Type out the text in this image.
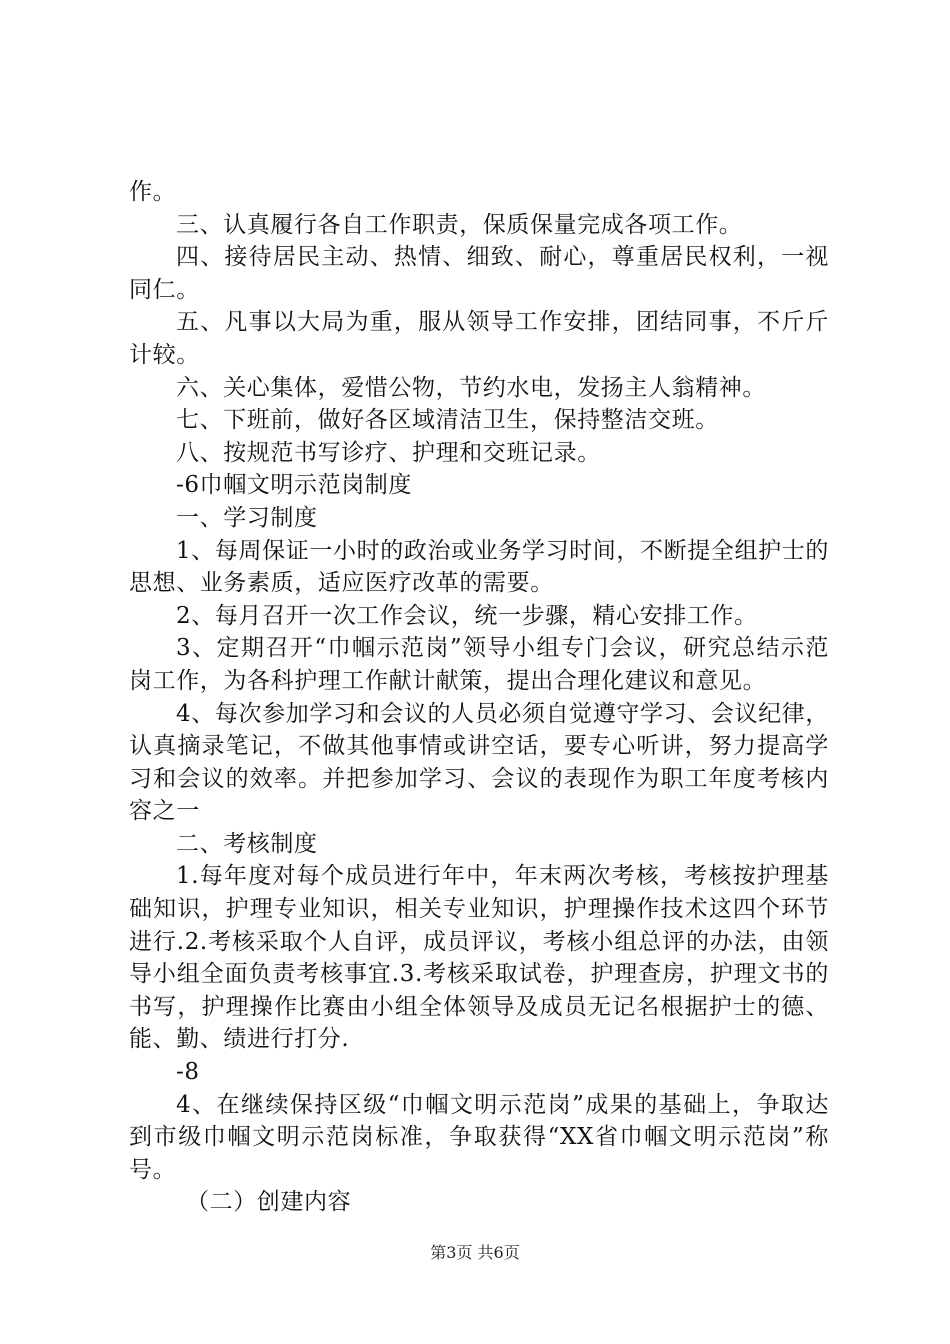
作。

三、认真履行各自工作职责，保质保量完成各项工作。

四、接待居民主动、热情、细致、耐心，尊重居民权利，一视同仁。

五、凡事以大局为重，服从领导工作安排，团结同事，不斤斤计较。

六、关心集体，爱惜公物，节约水电，发扬主人翁精神。

七、下班前，做好各区域清洁卫生，保持整洁交班。

八、按规范书写诊疗、护理和交班记录。

-6巾帼文明示范岗制度

一、学习制度

1、每周保证一小时的政治或业务学习时间，不断提全组护士的思想、业务素质，适应医疗改革的需要。

2、每月召开一次工作会议，统一步骤，精心安排工作。

3、定期召开“巾帼示范岗”领导小组专门会议，研究总结示范岗工作，为各科护理工作献计献策，提出合理化建议和意见。

4、每次参加学习和会议的人员必须自觉遵守学习、会议纪律，认真摘录笔记，不做其他事情或讲空话，要专心听讲，努力提高学习和会议的效率。并把参加学习、会议的表现作为职工年度考核内容之一

二、考核制度

1.每年度对每个成员进行年中，年末两次考核，考核按护理基础知识，护理专业知识，相关专业知识，护理操作技术这四个环节进行.2.考核采取个人自评，成员评议，考核小组总评的办法，由领导小组全面负责考核事宜.3.考核采取试卷，护理查房，护理文书的书写，护理操作比赛由小组全体领导及成员无记名根据护士的德、能、勤、绩进行打分.

-8

4、在继续保持区级“巾帼文明示范岗”成果的基础上，争取达到市级巾帼文明示范岗标准，争取获得“XX省巾帼文明示范岗”称号。

（二）创建内容

第3页 共6页
